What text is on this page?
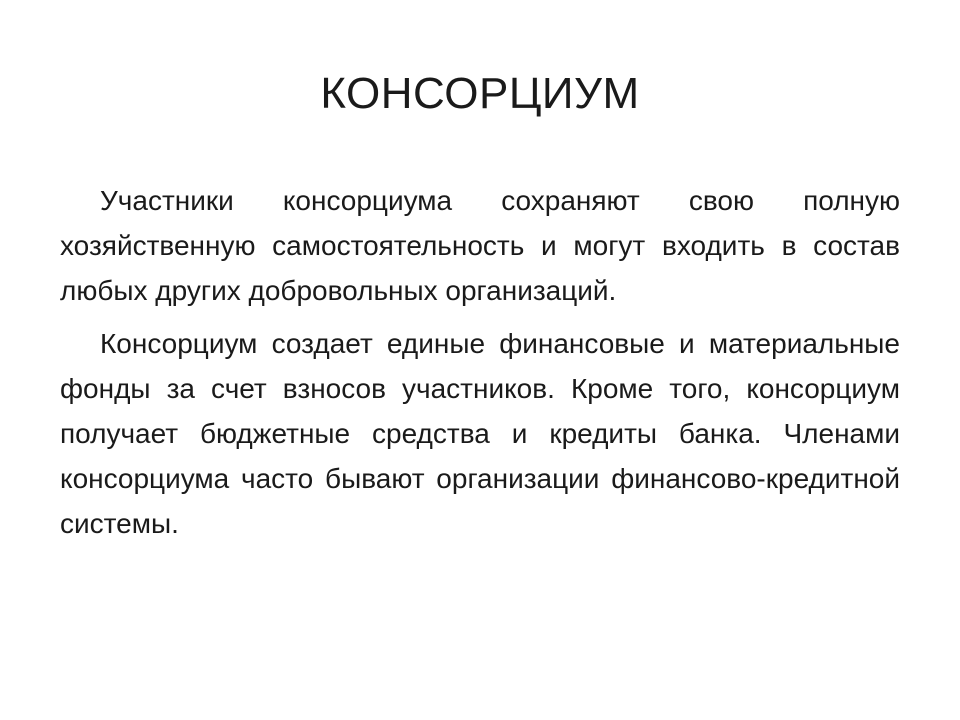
КОНСОРЦИУМ

Участники консорциума сохраняют свою полную хозяйственную самостоятельность и могут входить в состав любых других добровольных организаций.

Консорциум создает единые финансовые и материальные фонды за счет взносов участников. Кроме того, консорциум получает бюджетные средства и кредиты банка. Членами консорциума часто бывают организации финансово-кредитной системы.
